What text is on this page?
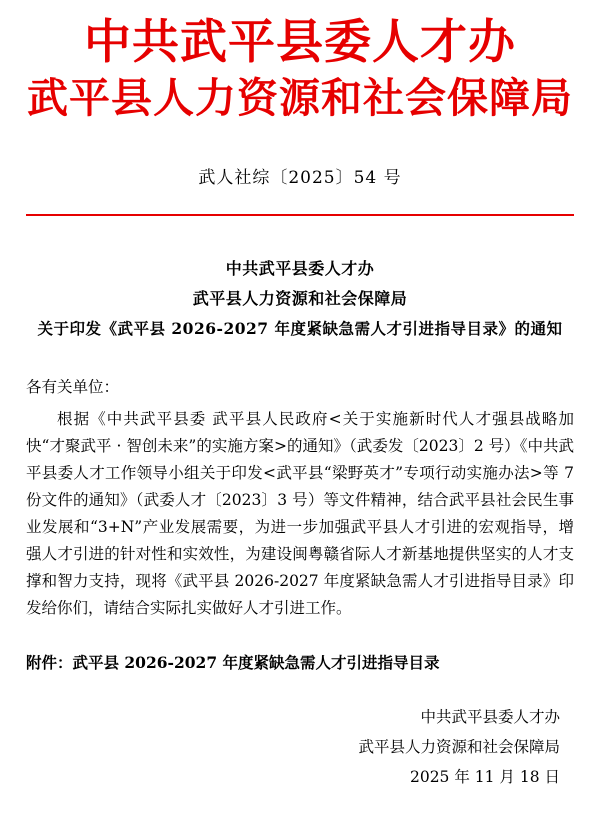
中共武平县委人才办
武平县人力资源和社会保障局
武人社综〔2025〕54 号
中共武平县委人才办
武平县人力资源和社会保障局
关于印发《武平县 2026-2027 年度紧缺急需人才引进指导目录》的通知
各有关单位：
根据《中共武平县委 武平县人民政府<关于实施新时代人才强县战略加快“才聚武平 · 智创未来”的实施方案>的通知》（武委发〔2023〕2 号）《中共武平县委人才工作领导小组关于印发<武平县“梁野英才”专项行动实施办法>等 7 份文件的通知》（武委人才〔2023〕3 号）等文件精神，结合武平县社会民生事业发展和“3+N”产业发展需要，为进一步加强武平县人才引进的宏观指导，增强人才引进的针对性和实效性，为建设闽粤赣省际人才新基地提供坚实的人才支撑和智力支持，现将《武平县 2026-2027 年度紧缺急需人才引进指导目录》印发给你们，请结合实际扎实做好人才引进工作。
附件：武平县 2026-2027 年度紧缺急需人才引进指导目录
中共武平县委人才办
武平县人力资源和社会保障局
2025 年 11 月 18 日
